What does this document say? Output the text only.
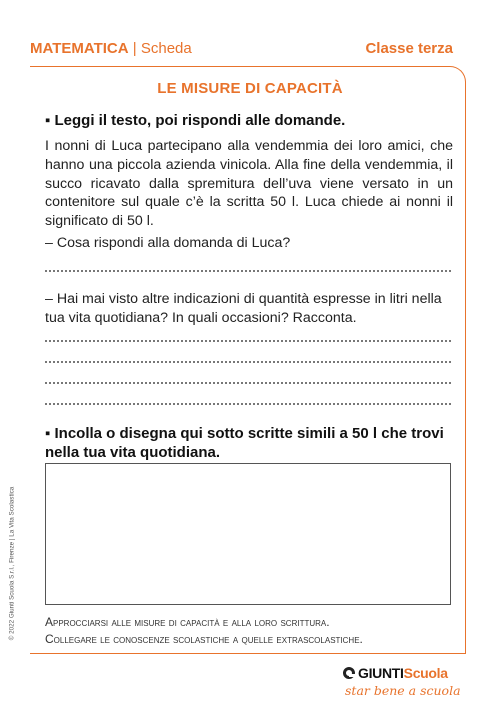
MATEMATICA | Scheda	Classe terza
LE MISURE DI CAPACITÀ
▪ Leggi il testo, poi rispondi alle domande.

I nonni di Luca partecipano alla vendemmia dei loro amici, che hanno una piccola azienda vinicola. Alla fine della vendemmia, il succo ricavato dalla spremitura dell’uva viene versato in un contenitore sul quale c’è la scritta 50 l. Luca chiede ai nonni il significato di 50 l.

– Cosa rispondi alla domanda di Luca?

– Hai mai visto altre indicazioni di quantità espresse in litri nella tua vita quotidiana? In quali occasioni? Racconta.

▪ Incolla o disegna qui sotto scritte simili a 50 l che trovi nella tua vita quotidiana.
Approcciarsi alle misure di capacità e alla loro scrittura.
Collegare le conoscenze scolastiche a quelle extrascolastiche.
© 2022 Giunti Scuola S.r.l., Firenze | La Vita Scolastica
GIUNTIScuola
star bene a scuola
